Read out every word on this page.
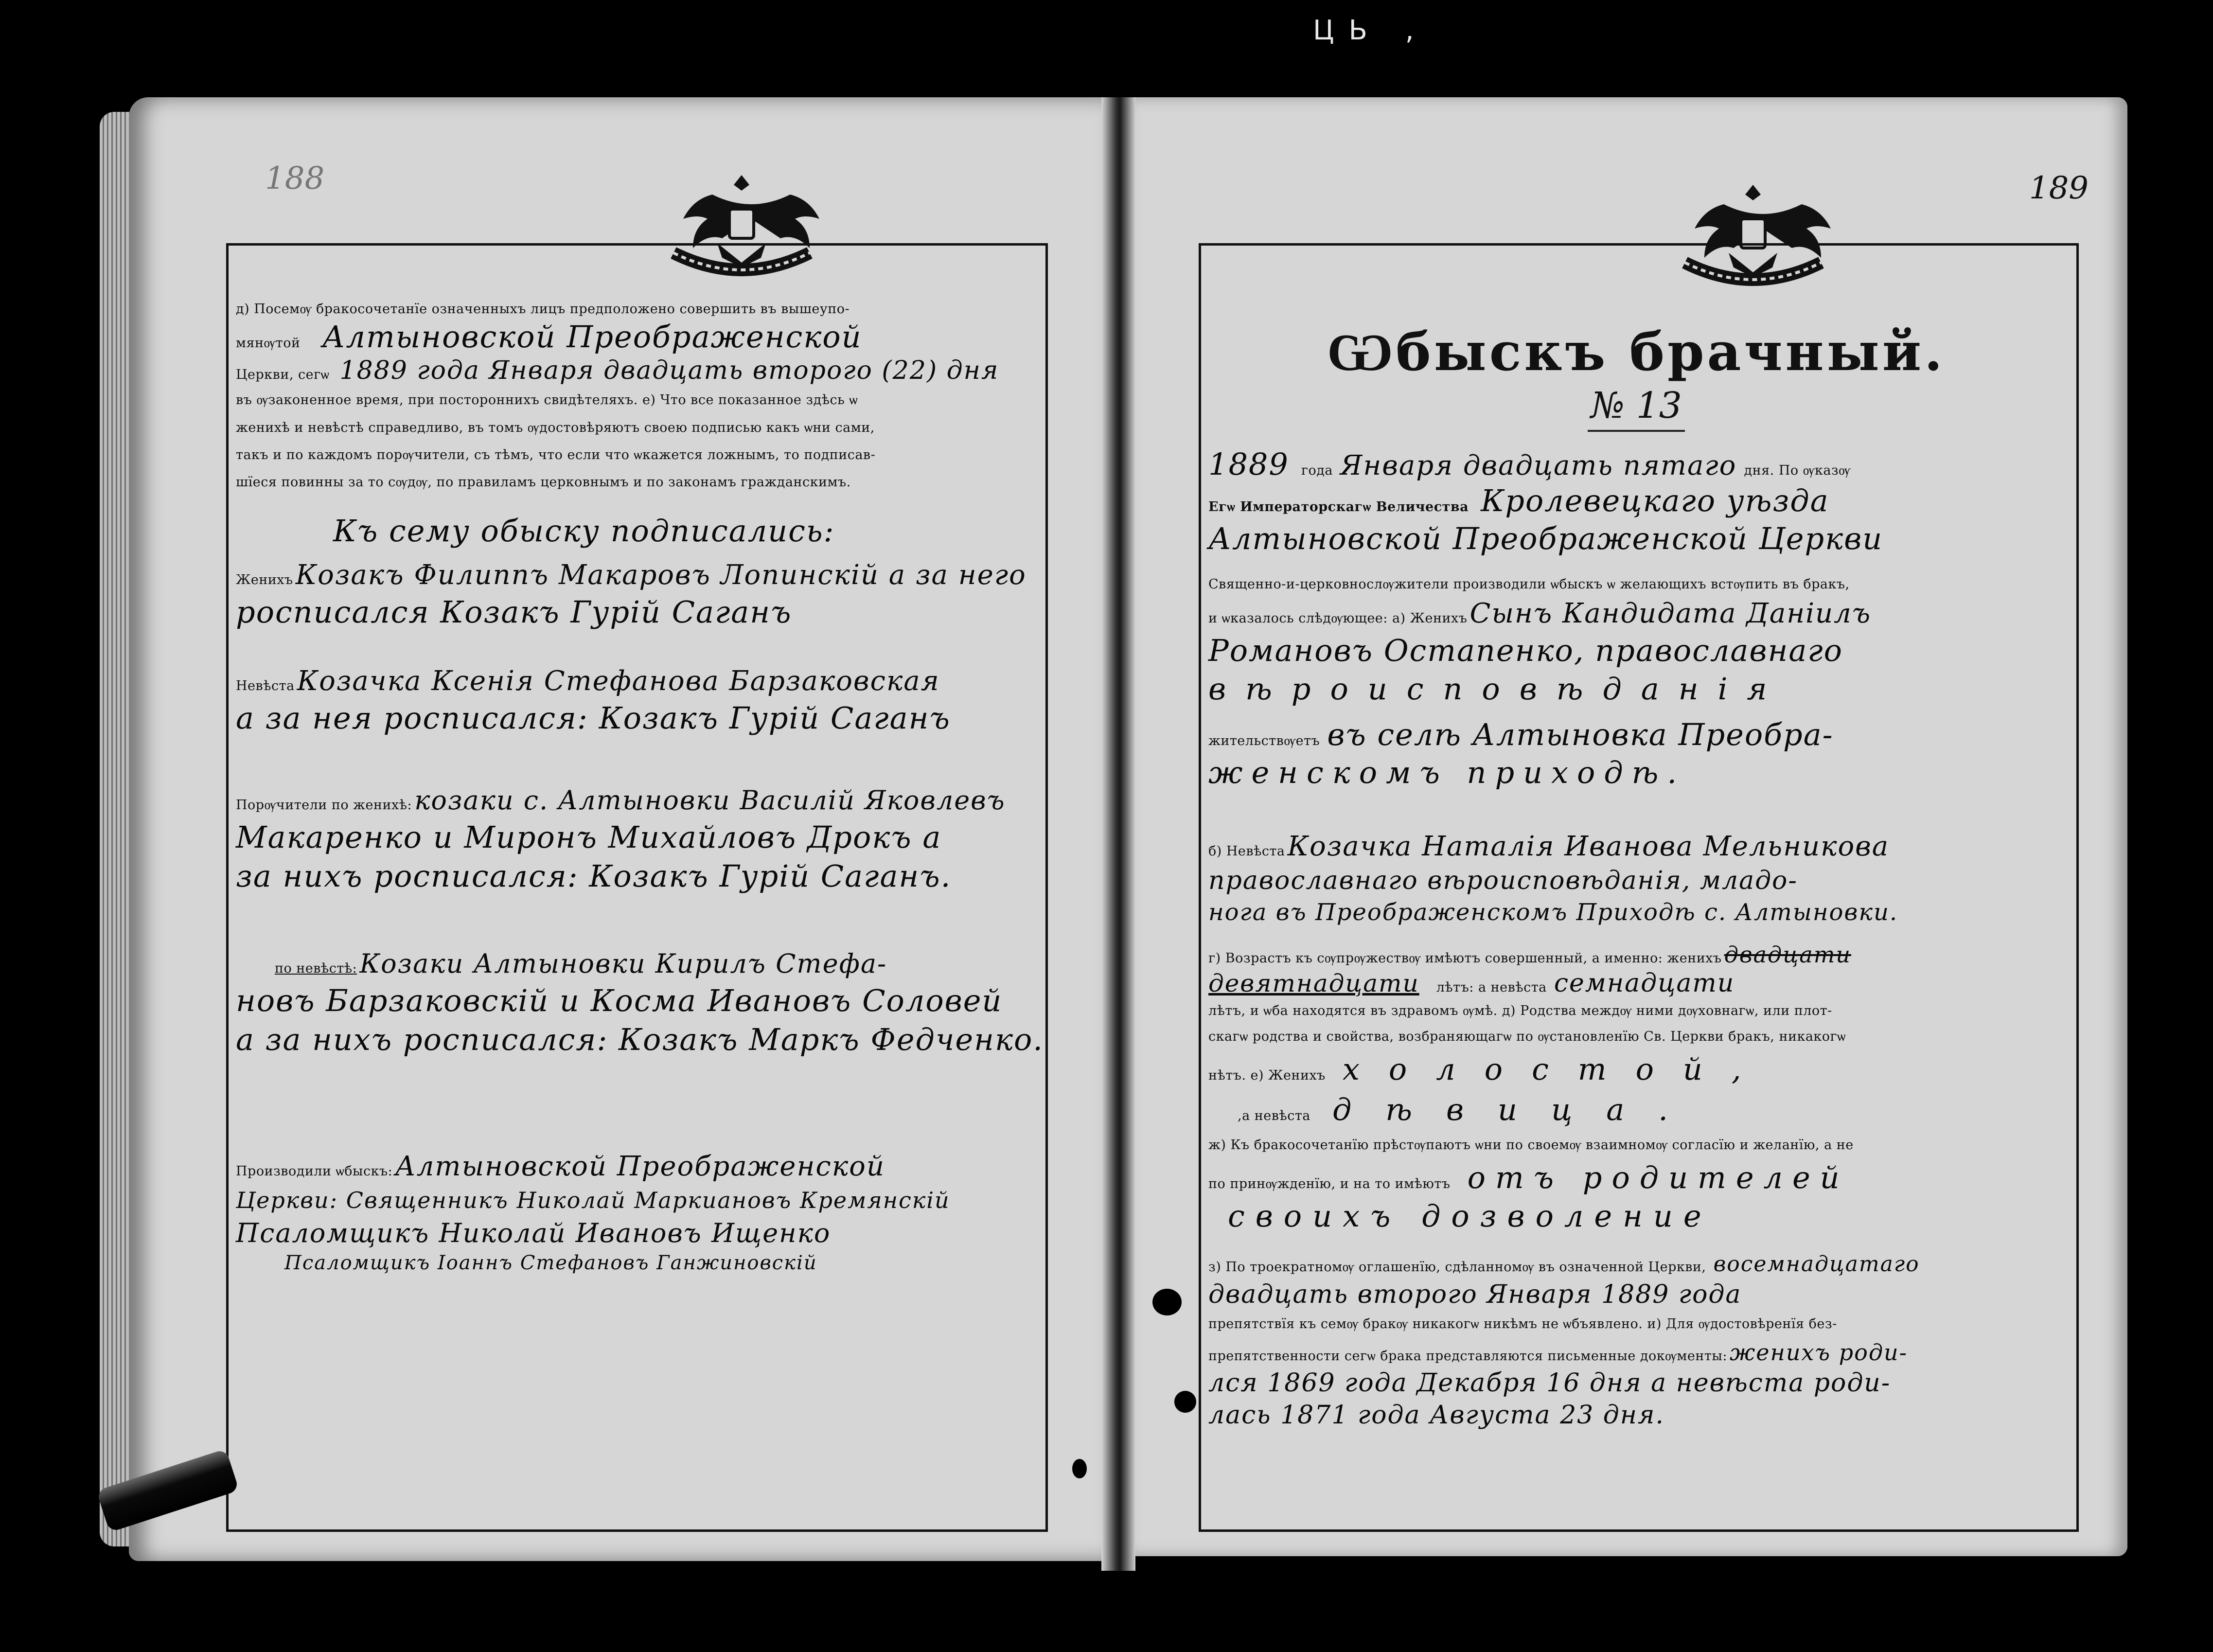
ЦЬ ,
188
д) Посемѹ бракосочетанїе означенныхъ лицъ предположено совершить въ вышеупо-
мянѹтой Алтыновской Преображенской
Церкви, сегѡ 1889 года Января двадцать второго (22) дня
въ ѹзаконенное время, при постороннихъ свидѣтеляхъ. е) Что все показанное здѣсь ѡ
женихѣ и невѣстѣ справедливо, въ томъ ѹдостовѣряютъ своею подписью какъ ѡни сами,
такъ и по каждомъ порѹчители, съ тѣмъ, что если что ѡкажется ложнымъ, то подписав-
шїеся повинны за то сѹдѹ, по правиламъ церковнымъ и по законамъ гражданскимъ.
Къ сему обыску подписались:
Женихъ Козакъ Филиппъ Макаровъ Лопинскій а за него
росписался Козакъ Гурій Саганъ
Невѣста Козачка Ксенія Стефанова Барзаковская
а за нея росписался: Козакъ Гурій Саганъ
Порѹчители по женихѣ: козаки с. Алтыновки Василій Яковлевъ
Макаренко и Миронъ Михайловъ Дрокъ а
за нихъ росписался: Козакъ Гурій Саганъ.
по невѣстѣ: Козаки Алтыновки Кирилъ Стефа-
новъ Барзаковскій и Косма Ивановъ Соловей
а за нихъ росписался: Козакъ Маркъ Федченко.
Производили ѡбыскъ: Алтыновской Преображенской
Церкви: Священникъ Николай Маркиановъ Кремянскій
Псаломщикъ Николай Ивановъ Ищенко
Псаломщикъ Іоаннъ Стефановъ Ганжиновскій
189
Ѡбыскъ брачный.
№ 13
1889 года Января двадцать пятаго дня. По ѹказѹ
Егѡ Императорскагѡ Величества Кролевецкаго уѣзда
Алтыновской Преображенской Церкви
Священно-и-церковнослѹжители производили ѡбыскъ ѡ желающихъ встѹпить въ бракъ,
и ѡказалось слѣдѹющее: а) Женихъ Сынъ Кандидата Даніилъ
Романовъ Остапенко, православнаго
вѣроисповѣданія
жительствѹетъ въ селѣ Алтыновка Преобра-
женскомъ приходѣ.
б) Невѣста Козачка Наталія Иванова Мельникова
православнаго вѣроисповѣданія, младо-
нога въ Преображенскомъ Приходѣ с. Алтыновки.
г) Возрастъ къ сѹпрѹжествѹ имѣютъ совершенный, а именно: женихъ двадцати
девятнадцати лѣтъ: а невѣста семнадцати
лѣтъ, и ѡба находятся въ здравомъ ѹмѣ. д) Родства междѹ ними дѹховнагѡ, или плот-
скагѡ родства и свойства, возбраняющагѡ по ѹстановленїю Св. Церкви бракъ, никакогѡ
нѣтъ. е) Женихъ холостой,
,а невѣста дѣвица.
ж) Къ бракосочетанїю прѣстѹпаютъ ѡни по своемѹ взаимномѹ согласїю и желанїю, а не
по принѹжденїю, и на то имѣютъ отъ родителей
своихъ дозволение
з) По троекратномѹ оглашенїю, сдѣланномѹ въ означенной Церкви, восемнадцатаго
двадцать второго Января 1889 года
препятствїя къ семѹ бракѹ никакогѡ никѣмъ не ѡбъявлено. и) Для ѹдостовѣренїя без-
препятственности сегѡ брака представляются письменные докѹменты: женихъ роди-
лся 1869 года Декабря 16 дня а невѣста роди-
лась 1871 года Августа 23 дня.
